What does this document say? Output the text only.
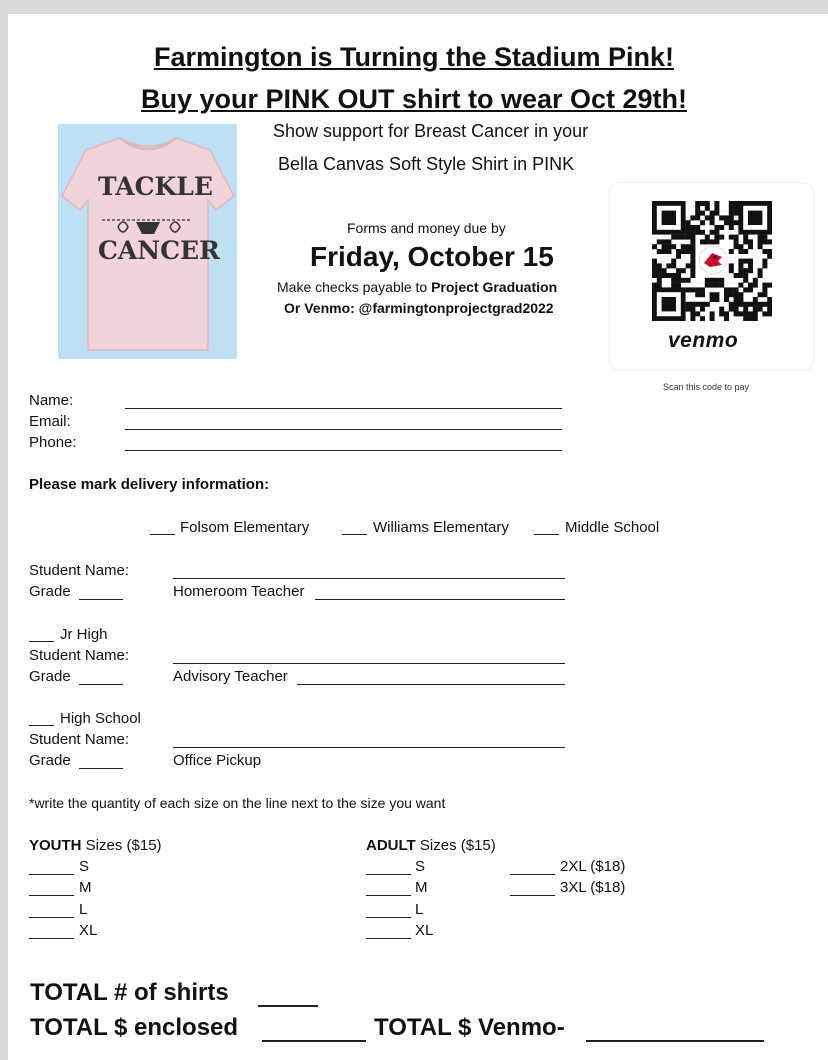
Farmington is Turning the Stadium Pink!
Buy your PINK OUT shirt to wear Oct 29th!
TACKLE
CANCER
Show support for Breast Cancer in your
Bella Canvas Soft Style Shirt in PINK
Forms and money due by
Friday, October 15
Make checks payable to Project Graduation
Or Venmo: @farmingtonprojectgrad2022
venmo
Scan this code to pay
Name:
Email:
Phone:
Please mark delivery information:
Folsom Elementary	Williams Elementary	Middle School
Student Name:
Grade	Homeroom Teacher
Jr High
Student Name:
Grade	Advisory Teacher
High School
Student Name:
Grade	Office Pickup
*write the quantity of each size on the line next to the size you want
YOUTH Sizes ($15)
S
M
L
XL
ADULT Sizes ($15)
S
M
L
XL
2XL ($18)
3XL ($18)
TOTAL # of shirts
TOTAL $ enclosed	TOTAL $ Venmo-
